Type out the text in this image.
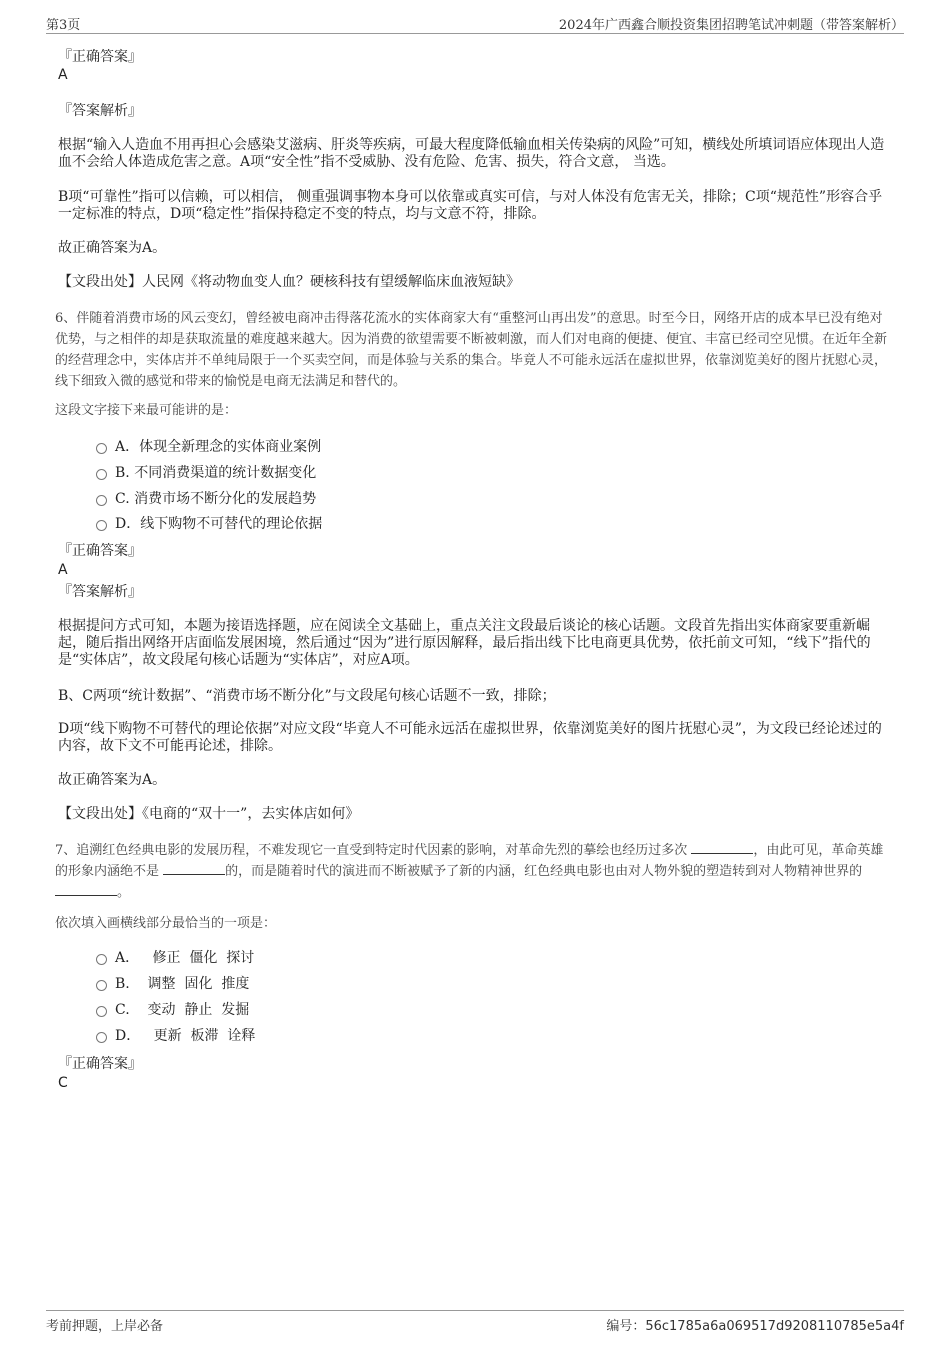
第3页	2024年广西鑫合顺投资集团招聘笔试冲刺题（带答案解析）
『正确答案』
A
『答案解析』
根据“输入人造血不用再担心会感染艾滋病、肝炎等疾病，可最大程度降低输血相关传染病的风险”可知，横线处所填词语应体现出人造血不会给人体造成危害之意。A项“安全性”指不受威胁、没有危险、危害、损失，符合文意， 当选。
B项“可靠性”指可以信赖，可以相信， 侧重强调事物本身可以依靠或真实可信，与对人体没有危害无关，排除；C项“规范性”形容合乎一定标准的特点，D项“稳定性”指保持稳定不变的特点，均与文意不符，排除。
故正确答案为A。
【文段出处】人民网《将动物血变人血？硬核科技有望缓解临床血液短缺》
6、伴随着消费市场的风云变幻，曾经被电商冲击得落花流水的实体商家大有“重整河山再出发”的意思。时至今日，网络开店的成本早已没有绝对优势，与之相伴的却是获取流量的难度越来越大。因为消费的欲望需要不断被刺激，而人们对电商的便捷、便宜、丰富已经司空见惯。在近年全新的经营理念中，实体店并不单纯局限于一个买卖空间，而是体验与关系的集合。毕竟人不可能永远活在虚拟世界，依靠浏览美好的图片抚慰心灵，线下细致入微的感觉和带来的愉悦是电商无法满足和替代的。
这段文字接下来最可能讲的是：
A．体现全新理念的实体商业案例
B. 不同消费渠道的统计数据变化
C. 消费市场不断分化的发展趋势
D．线下购物不可替代的理论依据
『正确答案』
A
『答案解析』
根据提问方式可知，本题为接语选择题，应在阅读全文基础上，重点关注文段最后谈论的核心话题。文段首先指出实体商家要重新崛起，随后指出网络开店面临发展困境，然后通过“因为”进行原因解释，最后指出线下比电商更具优势，依托前文可知，“线下”指代的是“实体店”，故文段尾句核心话题为“实体店”，对应A项。
B、C两项“统计数据”、“消费市场不断分化”与文段尾句核心话题不一致，排除；
D项“线下购物不可替代的理论依据”对应文段“毕竟人不可能永远活在虚拟世界，依靠浏览美好的图片抚慰心灵”，为文段已经论述过的内容，故下文不可能再论述，排除。
故正确答案为A。
【文段出处】《电商的“双十一”，去实体店如何》
7、追溯红色经典电影的发展历程，不难发现它一直受到特定时代因素的影响，对革命先烈的摹绘也经历过多次	，由此可见，革命英雄的形象内涵绝不是	的，而是随着时代的演进而不断被赋予了新的内涵，红色经典电影也由对人物外貌的塑造转到对人物精神世界的 。
依次填入画横线部分最恰当的一项是：
A．   修正  僵化  探讨
B.    调整  固化  推度
C.    变动  静止  发掘
D．   更新  板滞  诠释
『正确答案』
C
考前押题，上岸必备	编号：56c1785a6a069517d9208110785e5a4f
